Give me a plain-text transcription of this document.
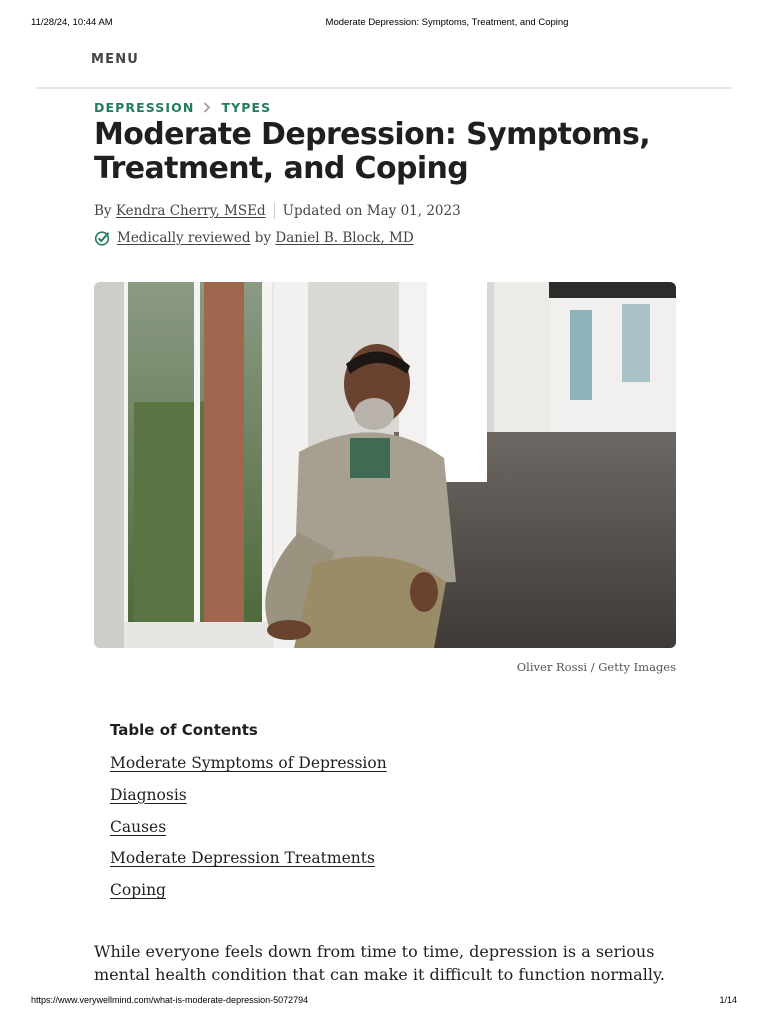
11/28/24, 10:44 AM	Moderate Depression: Symptoms, Treatment, and Coping
MENU
DEPRESSION TYPES
Moderate Depression: Symptoms, Treatment, and Coping
By
Kendra Cherry, MSEd Updated on May 01, 2023
Medically reviewed
by
Daniel B. Block, MD
Oliver Rossi / Getty Images
Table of Contents
Moderate Symptoms of Depression
Diagnosis
Causes
Moderate Depression Treatments
Coping

While everyone feels down from time to time, depression is a serious mental health condition that can make it difficult to function normally.

https://www.verywellmind.com/what-is-moderate-depression-5072794	1/14
